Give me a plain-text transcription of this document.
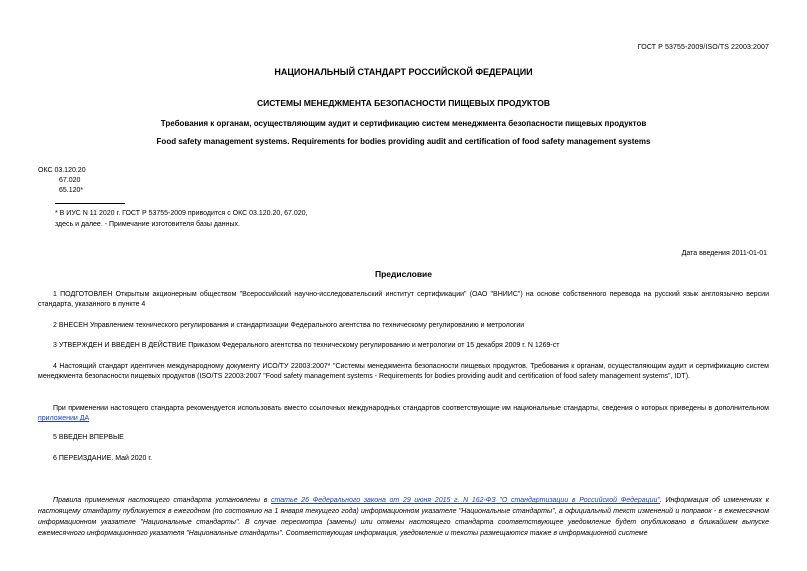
ГОСТ Р 53755-2009/ISO/TS 22003:2007
НАЦИОНАЛЬНЫЙ СТАНДАРТ РОССИЙСКОЙ ФЕДЕРАЦИИ
СИСТЕМЫ МЕНЕДЖМЕНТА БЕЗОПАСНОСТИ ПИЩЕВЫХ ПРОДУКТОВ
Требования к органам, осуществляющим аудит и сертификацию систем менеджмента безопасности пищевых продуктов
Food safety management systems. Requirements for bodies providing audit and certification of food safety management systems
ОКС 03.120.20
67.020
65.120*
* В ИУС N 11 2020 г. ГОСТ Р 53755-2009 приводится с ОКС 03.120.20, 67.020,
здесь и далее. - Примечание изготовителя базы данных.
Дата введения 2011-01-01
Предисловие
1 ПОДГОТОВЛЕН Открытым акционерным обществом "Всероссийский научно-исследовательский институт сертификации" (ОАО "ВНИИС") на основе собственного перевода на русский язык англоязычно версии стандарта, указанного в пункте 4
2 ВНЕСЕН Управлением технического регулирования и стандартизации Федерального агентства по техническому регулированию и метрологии
3 УТВЕРЖДЕН И ВВЕДЕН В ДЕЙСТВИЕ Приказом Федерального агентства по техническому регулированию и метрологии от 15 декабря 2009 г. N 1269-ст
4 Настоящий стандарт идентичен международному документу ИСО/ТУ 22003:2007* "Системы менеджмента безопасности пищевых продуктов. Требования к органам, осуществляющим аудит и сертификацию систем менеджмента безопасности пищевых продуктов (ISO/TS 22003:2007 "Food safety management systems - Requirements for bodies providing audit and certification of food safety management systems", IDT).
При применении настоящего стандарта рекомендуется использовать вместо ссылочных международных стандартов соответствующие им национальные стандарты, сведения о которых приведены в дополнительном приложении ДА
5 ВВЕДЕН ВПЕРВЫЕ
6 ПЕРЕИЗДАНИЕ. Май 2020 г.
Правила применения настоящего стандарта установлены в статье 26 Федерального закона от 29 июня 2015 г. N 162-ФЗ "О стандартизации в Российской Федерации". Информация об изменениях к настоящему стандарту публикуется в ежегодном (по состоянию на 1 января текущего года) информационном указателе "Национальные стандарты", а официальный текст изменений и поправок - в ежемесячном информационном указателе "Национальные стандарты". В случае пересмотра (замены) или отмены настоящего стандарта соответствующее уведомление будет опубликовано в ближайшем выпуске ежемесячного информационного указателя "Национальные стандарты". Соответствующая информация, уведомление и тексты размещаются также в информационной системе
